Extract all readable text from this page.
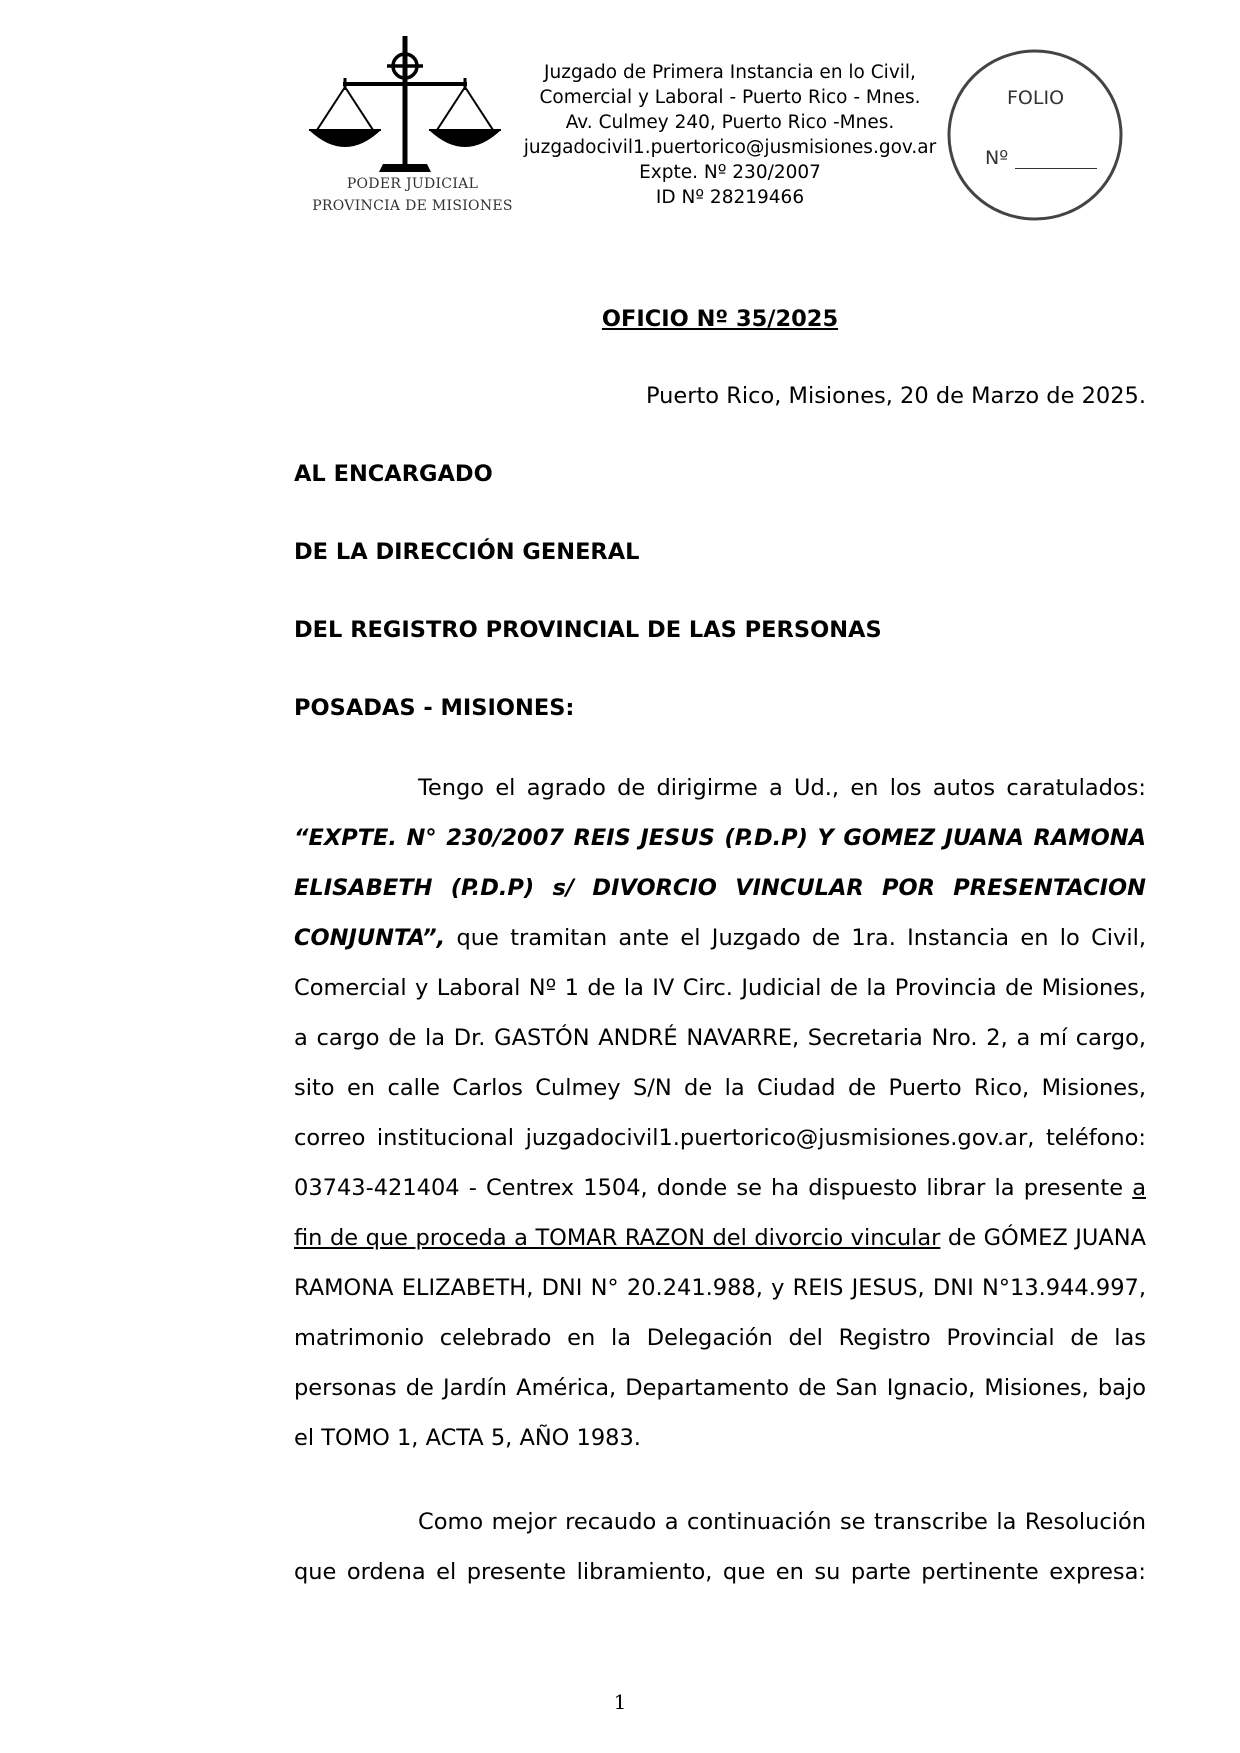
PODER JUDICIAL
PROVINCIA DE MISIONES
Juzgado de Primera Instancia en lo Civil,
Comercial y Laboral - Puerto Rico - Mnes.
Av. Culmey 240, Puerto Rico -Mnes.
juzgadocivil1.puertorico@jusmisiones.gov.ar
Expte. Nº 230/2007
ID Nº 28219466
FOLIO
Nº
OFICIO Nº 35/2025
Puerto Rico, Misiones, 20 de Marzo de 2025.
AL ENCARGADO
DE LA DIRECCIÓN GENERAL
DEL REGISTRO PROVINCIAL DE LAS PERSONAS
POSADAS - MISIONES:
Tengo el agrado de dirigirme a Ud., en los autos caratulados:
“EXPTE. N° 230/2007 REIS JESUS (P.D.P) Y GOMEZ JUANA RAMONA
ELISABETH (P.D.P) s/ DIVORCIO VINCULAR POR PRESENTACION
CONJUNTA”, que tramitan ante el Juzgado de 1ra. Instancia en lo Civil,
Comercial y Laboral Nº 1 de la IV Circ. Judicial de la Provincia de Misiones,
a cargo de la Dr. GASTÓN ANDRÉ NAVARRE, Secretaria Nro. 2, a mí cargo,
sito en calle Carlos Culmey S/N de la Ciudad de Puerto Rico, Misiones,
correo institucional juzgadocivil1.puertorico@jusmisiones.gov.ar, teléfono:
03743-421404 - Centrex 1504, donde se ha dispuesto librar la presente a
fin de que proceda a TOMAR RAZON del divorcio vincular de GÓMEZ JUANA
RAMONA ELIZABETH, DNI N° 20.241.988, y REIS JESUS, DNI N°13.944.997,
matrimonio celebrado en la Delegación del Registro Provincial de las
personas de Jardín América, Departamento de San Ignacio, Misiones, bajo
el TOMO 1, ACTA 5, AÑO 1983.
Como mejor recaudo a continuación se transcribe la Resolución
que ordena el presente libramiento, que en su parte pertinente expresa:
1
